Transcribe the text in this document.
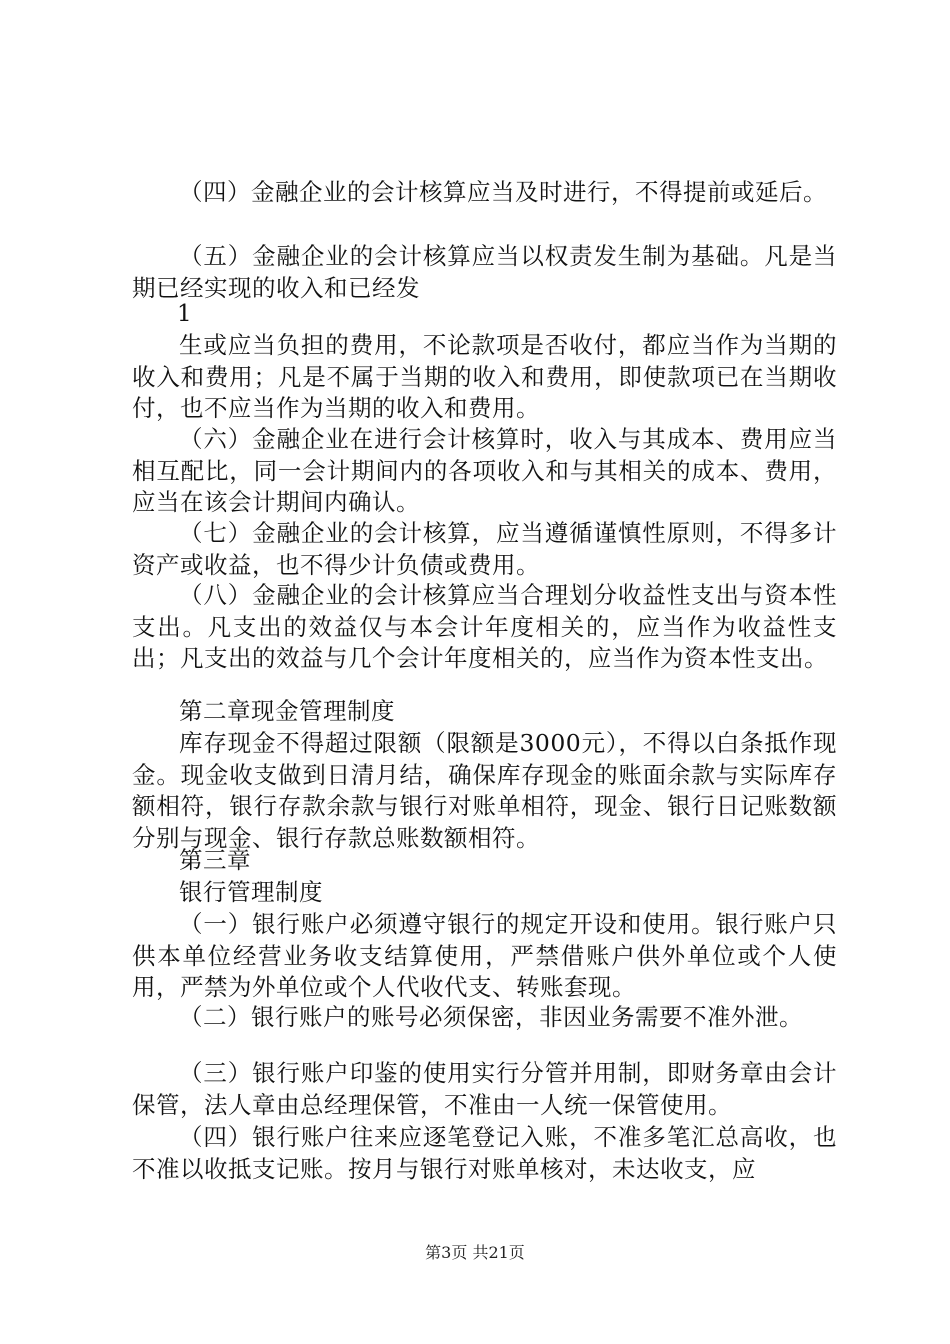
（四）金融企业的会计核算应当及时进行，不得提前或延后。

（五）金融企业的会计核算应当以权责发生制为基础。凡是当期已经实现的收入和已经发

1

生或应当负担的费用，不论款项是否收付，都应当作为当期的收入和费用；凡是不属于当期的收入和费用，即使款项已在当期收付，也不应当作为当期的收入和费用。

（六）金融企业在进行会计核算时，收入与其成本、费用应当相互配比，同一会计期间内的各项收入和与其相关的成本、费用，应当在该会计期间内确认。

（七）金融企业的会计核算，应当遵循谨慎性原则，不得多计资产或收益，也不得少计负债或费用。

（八）金融企业的会计核算应当合理划分收益性支出与资本性支出。凡支出的效益仅与本会计年度相关的，应当作为收益性支出；凡支出的效益与几个会计年度相关的，应当作为资本性支出。

第二章现金管理制度

库存现金不得超过限额（限额是3000元），不得以白条抵作现金。现金收支做到日清月结，确保库存现金的账面余款与实际库存额相符，银行存款余款与银行对账单相符，现金、银行日记账数额分别与现金、银行存款总账数额相符。

第三章

银行管理制度

（一）银行账户必须遵守银行的规定开设和使用。银行账户只供本单位经营业务收支结算使用，严禁借账户供外单位或个人使用，严禁为外单位或个人代收代支、转账套现。

（二）银行账户的账号必须保密，非因业务需要不准外泄。

（三）银行账户印鉴的使用实行分管并用制，即财务章由会计保管，法人章由总经理保管，不准由一人统一保管使用。

（四）银行账户往来应逐笔登记入账，不准多笔汇总高收，也不准以收抵支记账。按月与银行对账单核对，未达收支，应

第3页 共21页
